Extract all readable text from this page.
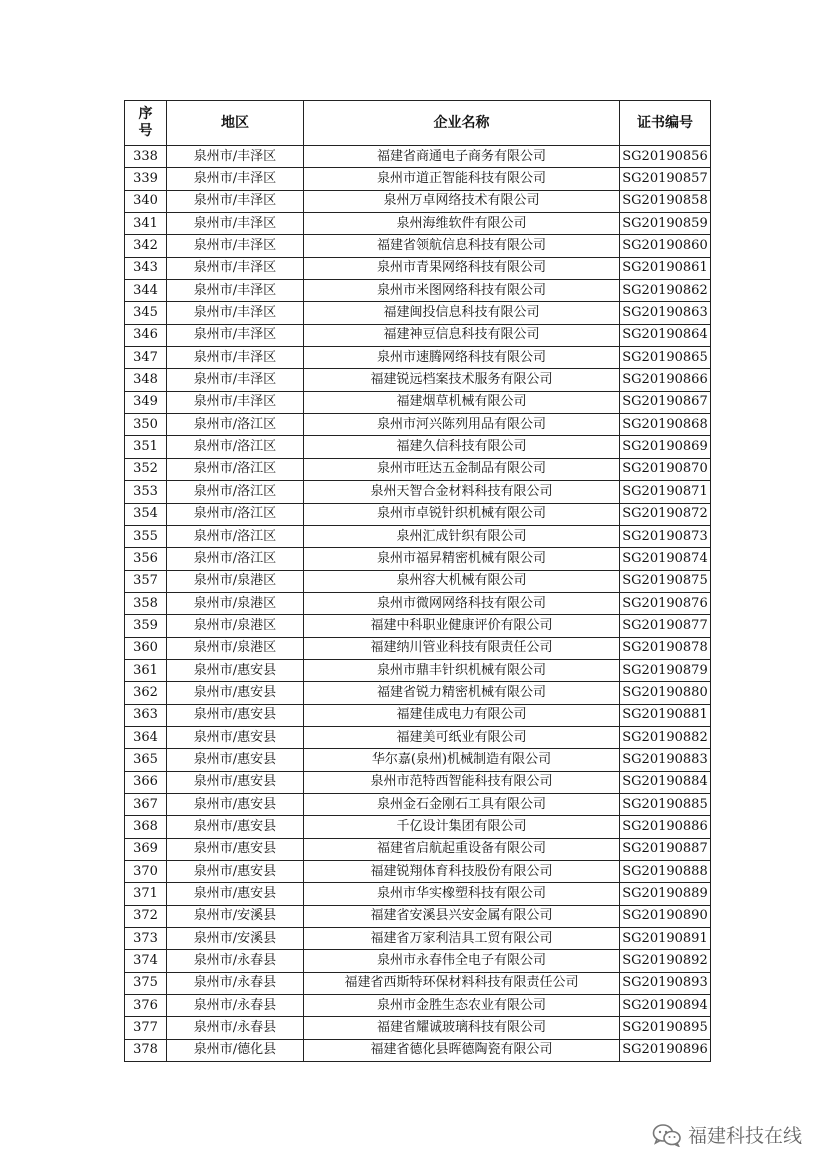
序号	地区	企业名称	证书编号
338	泉州市/丰泽区	福建省商通电子商务有限公司	SG20190856
339	泉州市/丰泽区	泉州市道正智能科技有限公司	SG20190857
340	泉州市/丰泽区	泉州万卓网络技术有限公司	SG20190858
341	泉州市/丰泽区	泉州海维软件有限公司	SG20190859
342	泉州市/丰泽区	福建省领航信息科技有限公司	SG20190860
343	泉州市/丰泽区	泉州市青果网络科技有限公司	SG20190861
344	泉州市/丰泽区	泉州市米图网络科技有限公司	SG20190862
345	泉州市/丰泽区	福建闽投信息科技有限公司	SG20190863
346	泉州市/丰泽区	福建神豆信息科技有限公司	SG20190864
347	泉州市/丰泽区	泉州市速腾网络科技有限公司	SG20190865
348	泉州市/丰泽区	福建锐远档案技术服务有限公司	SG20190866
349	泉州市/丰泽区	福建烟草机械有限公司	SG20190867
350	泉州市/洛江区	泉州市河兴陈列用品有限公司	SG20190868
351	泉州市/洛江区	福建久信科技有限公司	SG20190869
352	泉州市/洛江区	泉州市旺达五金制品有限公司	SG20190870
353	泉州市/洛江区	泉州天智合金材料科技有限公司	SG20190871
354	泉州市/洛江区	泉州市卓锐针织机械有限公司	SG20190872
355	泉州市/洛江区	泉州汇成针织有限公司	SG20190873
356	泉州市/洛江区	泉州市福昇精密机械有限公司	SG20190874
357	泉州市/泉港区	泉州容大机械有限公司	SG20190875
358	泉州市/泉港区	泉州市微网网络科技有限公司	SG20190876
359	泉州市/泉港区	福建中科职业健康评价有限公司	SG20190877
360	泉州市/泉港区	福建纳川管业科技有限责任公司	SG20190878
361	泉州市/惠安县	泉州市鼎丰针织机械有限公司	SG20190879
362	泉州市/惠安县	福建省锐力精密机械有限公司	SG20190880
363	泉州市/惠安县	福建佳成电力有限公司	SG20190881
364	泉州市/惠安县	福建美可纸业有限公司	SG20190882
365	泉州市/惠安县	华尔嘉(泉州)机械制造有限公司	SG20190883
366	泉州市/惠安县	泉州市范特西智能科技有限公司	SG20190884
367	泉州市/惠安县	泉州金石金刚石工具有限公司	SG20190885
368	泉州市/惠安县	千亿设计集团有限公司	SG20190886
369	泉州市/惠安县	福建省启航起重设备有限公司	SG20190887
370	泉州市/惠安县	福建锐翔体育科技股份有限公司	SG20190888
371	泉州市/惠安县	泉州市华实橡塑科技有限公司	SG20190889
372	泉州市/安溪县	福建省安溪县兴安金属有限公司	SG20190890
373	泉州市/安溪县	福建省万家利洁具工贸有限公司	SG20190891
374	泉州市/永春县	泉州市永春伟全电子有限公司	SG20190892
375	泉州市/永春县	福建省西斯特环保材料科技有限责任公司	SG20190893
376	泉州市/永春县	泉州市金胜生态农业有限公司	SG20190894
377	泉州市/永春县	福建省耀诚玻璃科技有限公司	SG20190895
378	泉州市/德化县	福建省德化县晖德陶瓷有限公司	SG20190896
福建科技在线
